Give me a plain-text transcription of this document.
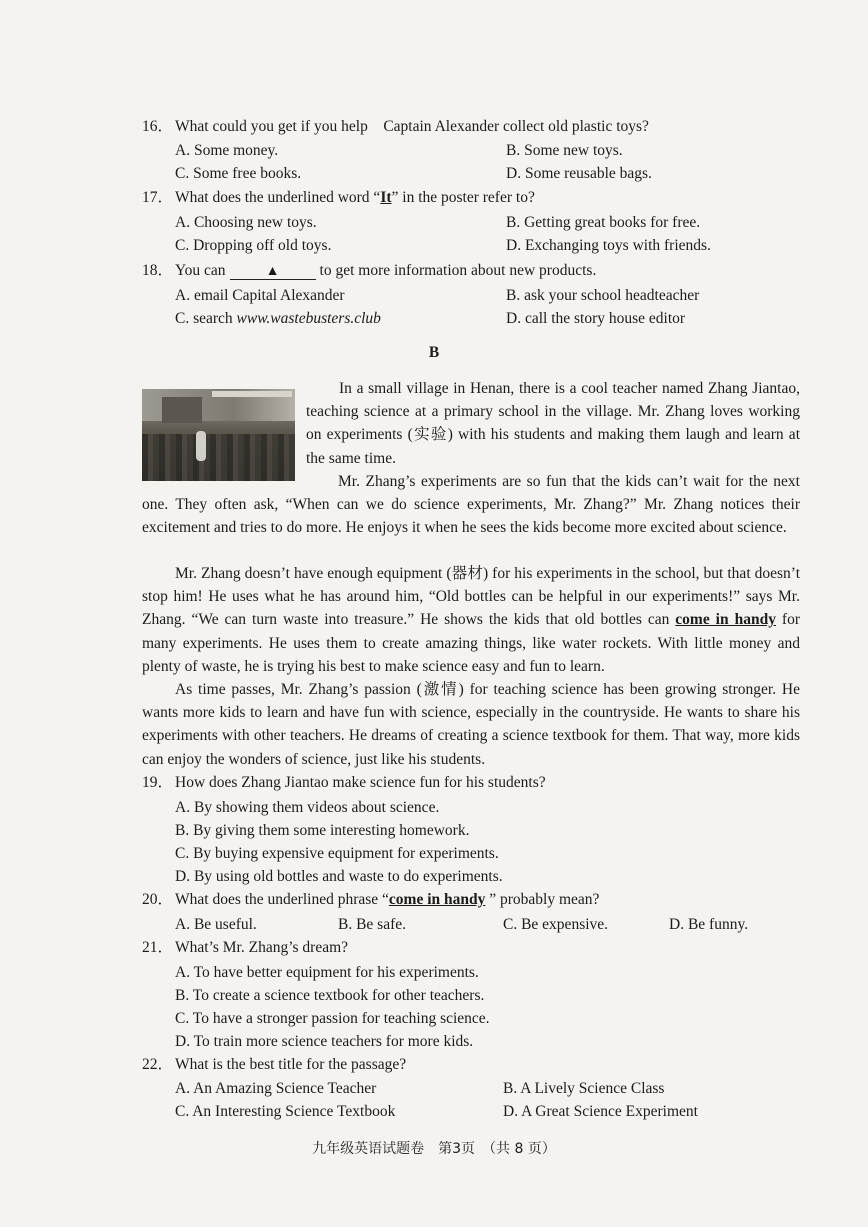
16． What could you get if you help　Captain Alexander collect old plastic toys?
A. Some money.	B. Some new toys.
C. Some free books.	D. Some reusable bags.
17． What does the underlined word “It” in the poster refer to?
A. Choosing new toys.	B. Getting great books for free.
C. Dropping off old toys.	D. Exchanging toys with friends.
18． You can	▲	to get more information about new products.
A. email Capital Alexander	B. ask your school headteacher
C. search www.wastebusters.club	D. call the story house editor
B
In a small village in Henan, there is a cool teacher named Zhang Jiantao, teaching science at a primary school in the village. Mr. Zhang loves working on experiments (实验) with his students and making them laugh and learn at the same time.
Mr. Zhang’s experiments are so fun that the kids can’t wait for the next one. They often ask, “When can we do science experiments, Mr. Zhang?” Mr. Zhang notices their excitement and tries to do more. He enjoys it when he sees the kids become more excited about science.
Mr. Zhang doesn’t have enough equipment (器材) for his experiments in the school, but that doesn’t stop him! He uses what he has around him, “Old bottles can be helpful in our experiments!” says Mr. Zhang. “We can turn waste into treasure.” He shows the kids that old bottles can come in handy for many experiments. He uses them to create amazing things, like water rockets. With little money and plenty of waste, he is trying his best to make science easy and fun to learn.
As time passes, Mr. Zhang’s passion (激情) for teaching science has been growing stronger. He wants more kids to learn and have fun with science, especially in the countryside. He wants to share his experiments with other teachers. He dreams of creating a science textbook for them. That way, more kids can enjoy the wonders of science, just like his students.
19． How does Zhang Jiantao make science fun for his students?
A. By showing them videos about science.
B. By giving them some interesting homework.
C. By buying expensive equipment for experiments.
D. By using old bottles and waste to do experiments.
20． What does the underlined phrase “come in handy ” probably mean?
A. Be useful.	B. Be safe.	C. Be expensive.	D. Be funny.
21． What’s Mr. Zhang’s dream?
A. To have better equipment for his experiments.
B. To create a science textbook for other teachers.
C. To have a stronger passion for teaching science.
D. To train more science teachers for more kids.
22． What is the best title for the passage?
A. An Amazing Science Teacher	B. A Lively Science Class
C. An Interesting Science Textbook	D. A Great Science Experiment
九年级英语试题卷　第3页　（共 8 页）
